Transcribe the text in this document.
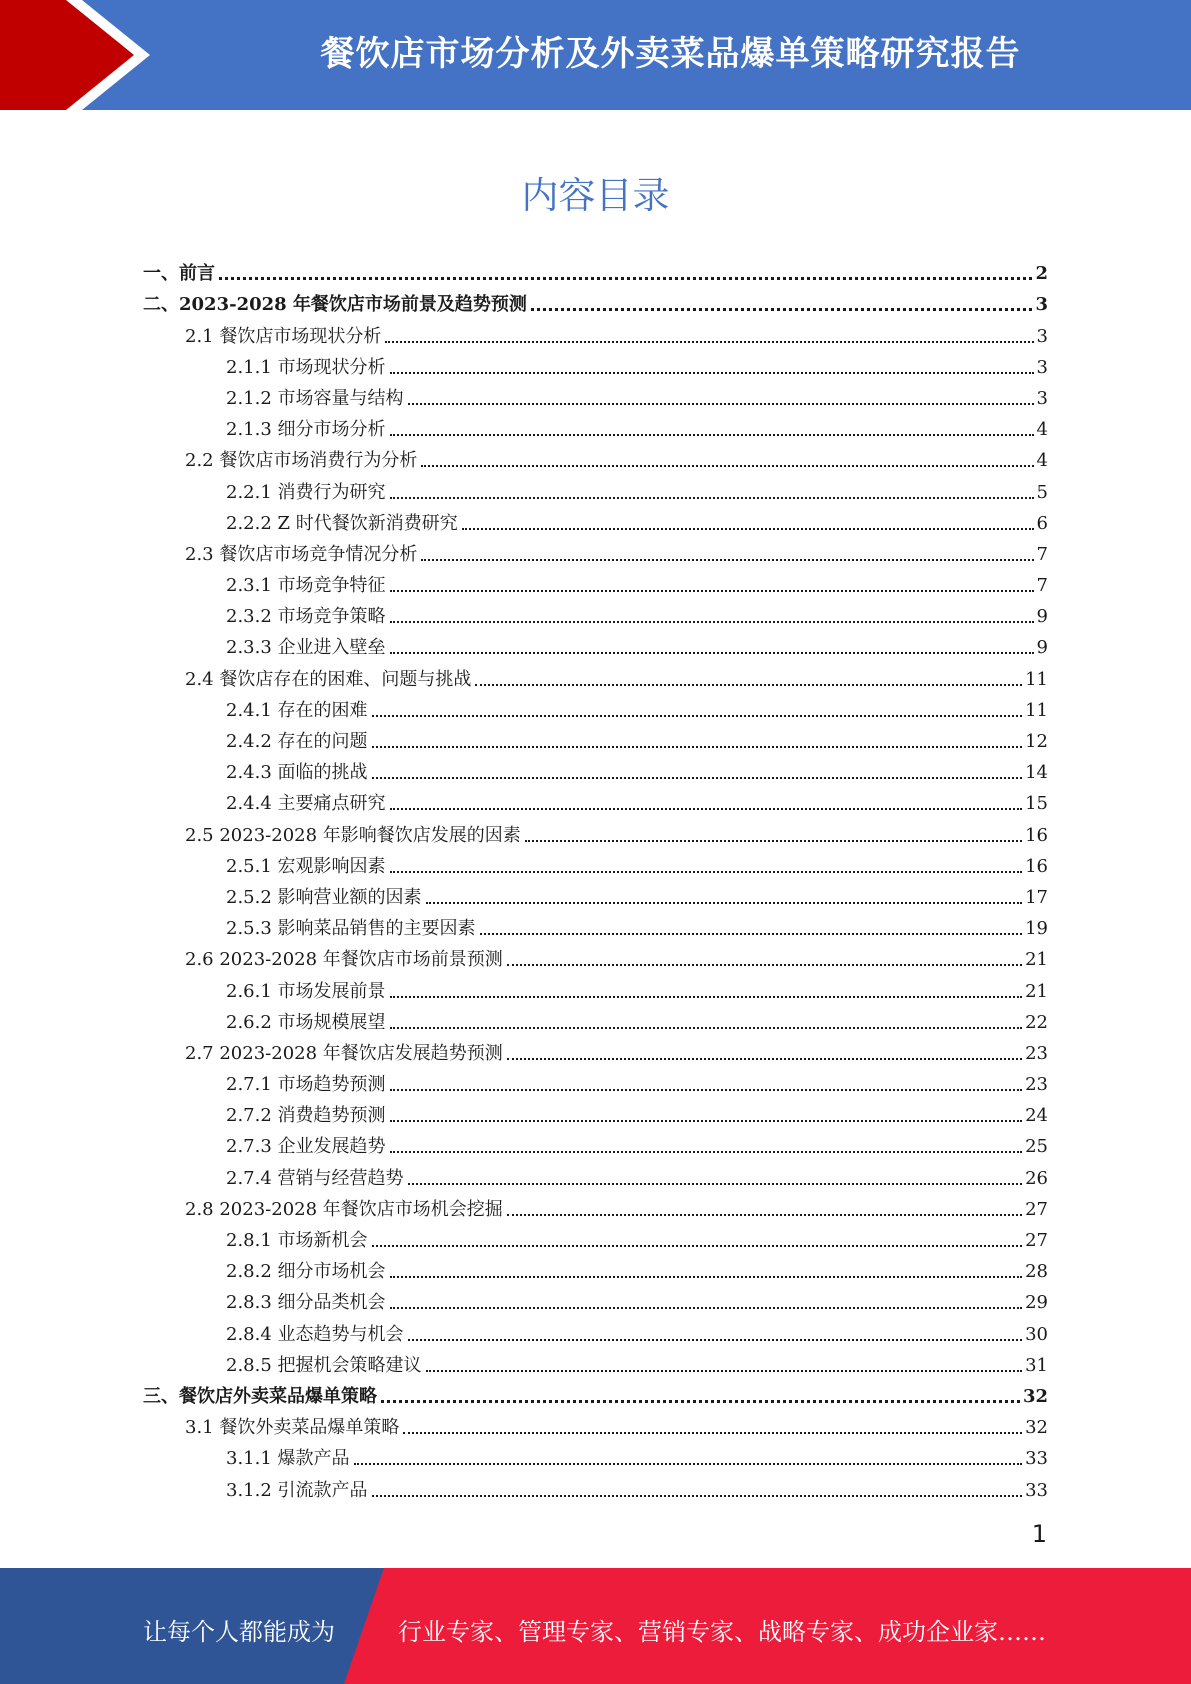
餐饮店市场分析及外卖菜品爆单策略研究报告
内容目录
一、前言	2
二、2023-2028 年餐饮店市场前景及趋势预测	3
2.1 餐饮店市场现状分析	3
2.1.1 市场现状分析	3
2.1.2 市场容量与结构	3
2.1.3 细分市场分析	4
2.2 餐饮店市场消费行为分析	4
2.2.1 消费行为研究	5
2.2.2 Z 时代餐饮新消费研究	6
2.3 餐饮店市场竞争情况分析	7
2.3.1 市场竞争特征	7
2.3.2 市场竞争策略	9
2.3.3 企业进入壁垒	9
2.4 餐饮店存在的困难、问题与挑战	11
2.4.1 存在的困难	11
2.4.2 存在的问题	12
2.4.3 面临的挑战	14
2.4.4 主要痛点研究	15
2.5 2023-2028 年影响餐饮店发展的因素	16
2.5.1 宏观影响因素	16
2.5.2 影响营业额的因素	17
2.5.3 影响菜品销售的主要因素	19
2.6 2023-2028 年餐饮店市场前景预测	21
2.6.1 市场发展前景	21
2.6.2 市场规模展望	22
2.7 2023-2028 年餐饮店发展趋势预测	23
2.7.1 市场趋势预测	23
2.7.2 消费趋势预测	24
2.7.3 企业发展趋势	25
2.7.4 营销与经营趋势	26
2.8 2023-2028 年餐饮店市场机会挖掘	27
2.8.1 市场新机会	27
2.8.2 细分市场机会	28
2.8.3 细分品类机会	29
2.8.4 业态趋势与机会	30
2.8.5 把握机会策略建议	31
三、餐饮店外卖菜品爆单策略	32
3.1 餐饮外卖菜品爆单策略	32
3.1.1 爆款产品	33
3.1.2 引流款产品	33
1
让每个人都能成为	行业专家、管理专家、营销专家、战略专家、成功企业家……
